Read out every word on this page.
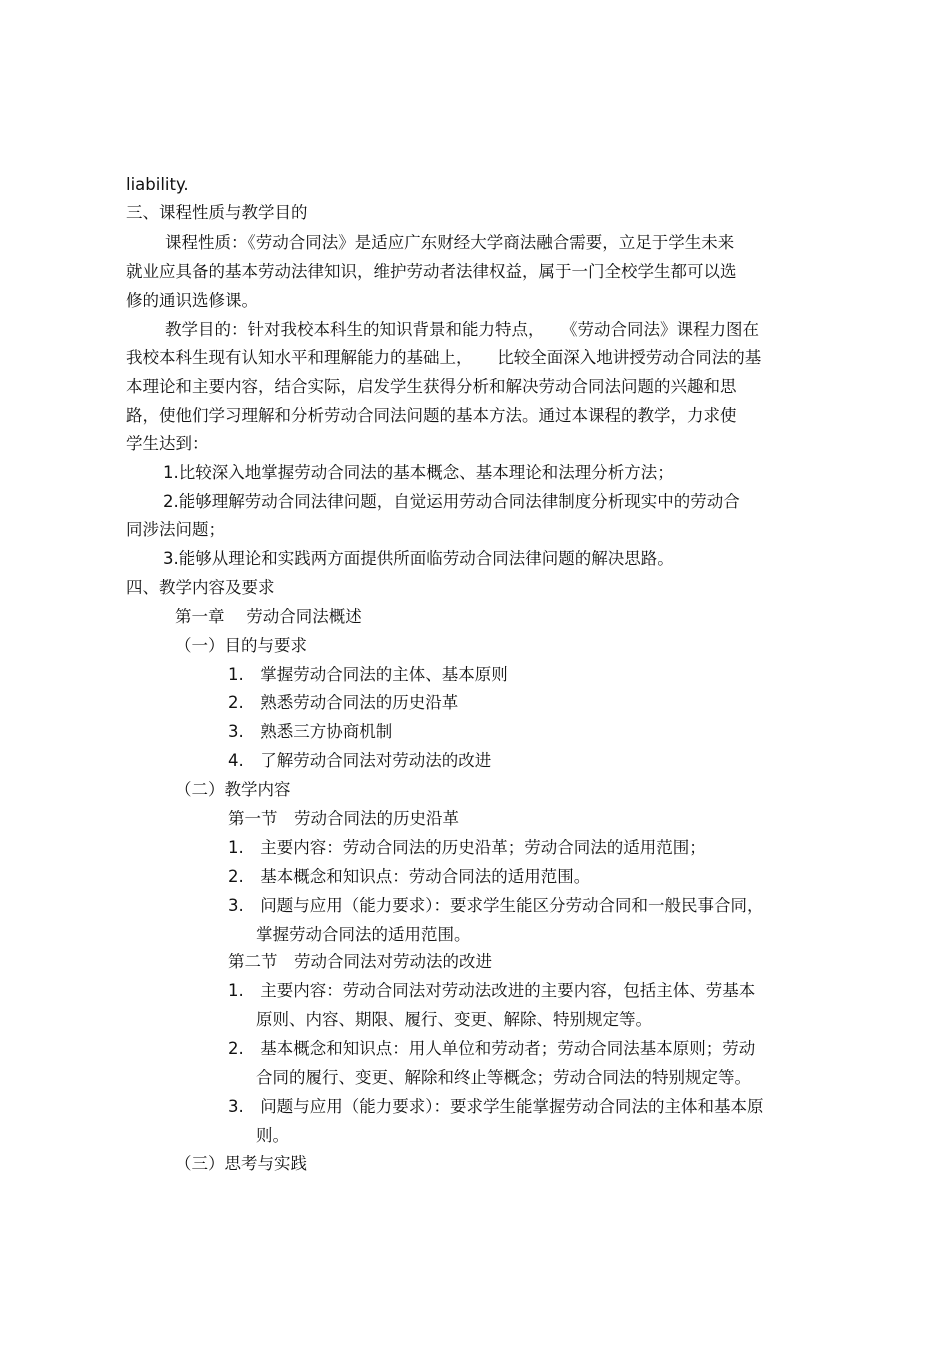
liability.

三、课程性质与教学目的

课程性质：《劳动合同法》是适应广东财经大学商法融合需要，立足于学生未来

就业应具备的基本劳动法律知识，维护劳动者法律权益，属于一门全校学生都可以选

修的通识选修课。

教学目的：针对我校本科生的知识背景和能力特点，　　《劳动合同法》课程力图在

我校本科生现有认知水平和理解能力的基础上，　　比较全面深入地讲授劳动合同法的基

本理论和主要内容，结合实际，启发学生获得分析和解决劳动合同法问题的兴趣和思

路，使他们学习理解和分析劳动合同法问题的基本方法。通过本课程的教学，力求使

学生达到：

1.比较深入地掌握劳动合同法的基本概念、基本理论和法理分析方法；

2.能够理解劳动合同法律问题，自觉运用劳动合同法律制度分析现实中的劳动合

同涉法问题；

3.能够从理论和实践两方面提供所面临劳动合同法律问题的解决思路。

四、教学内容及要求

第一章　 劳动合同法概述

（一）目的与要求

1.　掌握劳动合同法的主体、基本原则

2.　熟悉劳动合同法的历史沿革

3.　熟悉三方协商机制

4.　了解劳动合同法对劳动法的改进

（二）教学内容

第一节　劳动合同法的历史沿革

1.　主要内容：劳动合同法的历史沿革；劳动合同法的适用范围；

2.　基本概念和知识点：劳动合同法的适用范围。

3.　问题与应用（能力要求）：要求学生能区分劳动合同和一般民事合同，

掌握劳动合同法的适用范围。

第二节　劳动合同法对劳动法的改进

1.　主要内容：劳动合同法对劳动法改进的主要内容，包括主体、劳基本

原则、内容、期限、履行、变更、解除、特别规定等。

2.　基本概念和知识点：用人单位和劳动者；劳动合同法基本原则；劳动

合同的履行、变更、解除和终止等概念；劳动合同法的特别规定等。

3.　问题与应用（能力要求）：要求学生能掌握劳动合同法的主体和基本原

则。

（三）思考与实践
